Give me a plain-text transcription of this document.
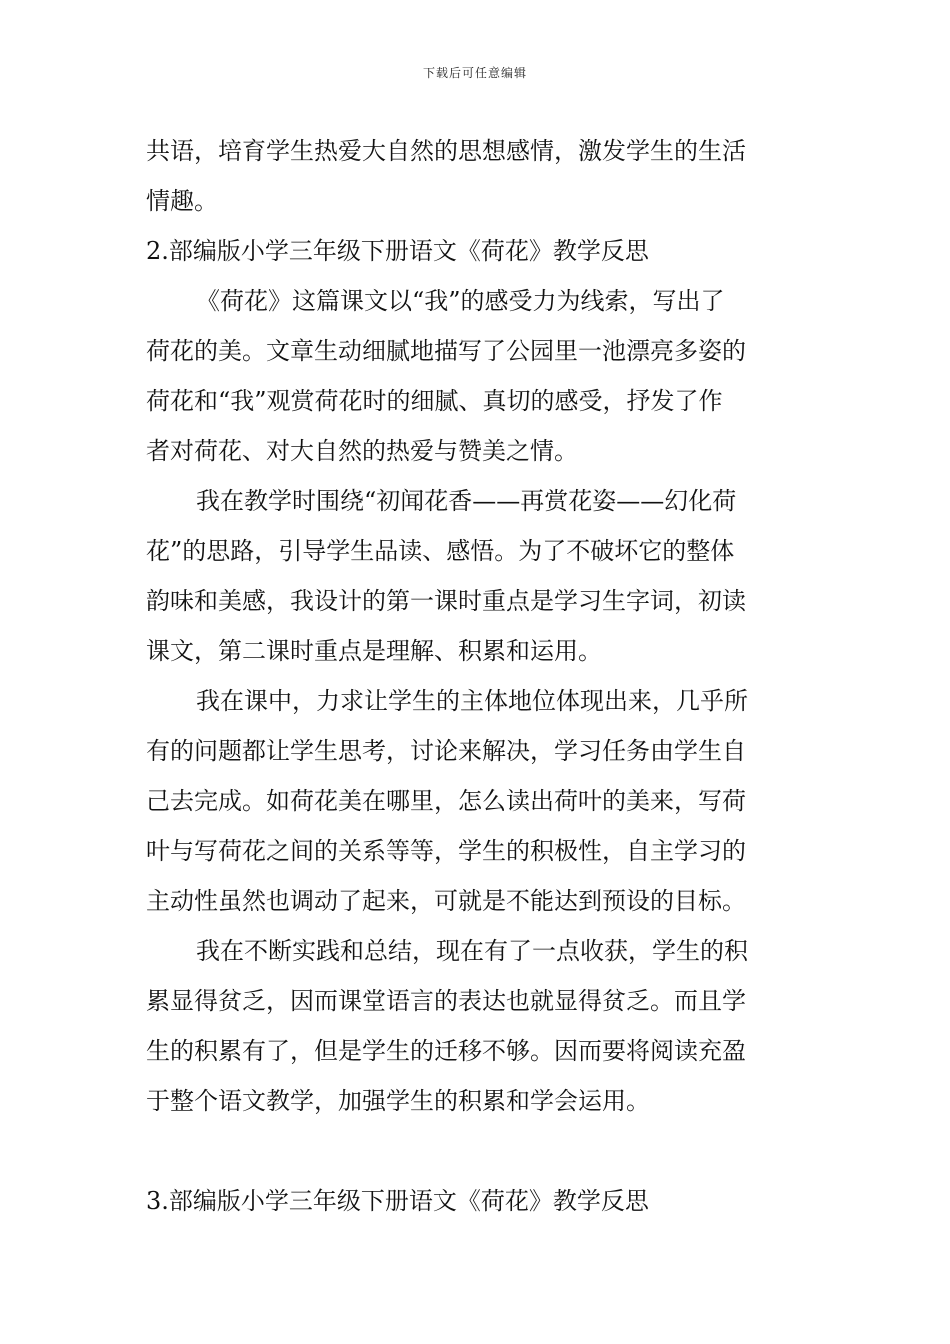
下载后可任意编辑
共语，培育学生热爱大自然的思想感情，激发学生的生活
情趣。
2.部编版小学三年级下册语文《荷花》教学反思
《荷花》这篇课文以“我”的感受力为线索，写出了
荷花的美。文章生动细腻地描写了公园里一池漂亮多姿的
荷花和“我”观赏荷花时的细腻、真切的感受，抒发了作
者对荷花、对大自然的热爱与赞美之情。
我在教学时围绕“初闻花香——再赏花姿——幻化荷
花”的思路，引导学生品读、感悟。为了不破坏它的整体
韵味和美感，我设计的第一课时重点是学习生字词，初读
课文，第二课时重点是理解、积累和运用。
我在课中，力求让学生的主体地位体现出来，几乎所
有的问题都让学生思考，讨论来解决，学习任务由学生自
己去完成。如荷花美在哪里，怎么读出荷叶的美来，写荷
叶与写荷花之间的关系等等，学生的积极性，自主学习的
主动性虽然也调动了起来，可就是不能达到预设的目标。
我在不断实践和总结，现在有了一点收获，学生的积
累显得贫乏，因而课堂语言的表达也就显得贫乏。而且学
生的积累有了，但是学生的迁移不够。因而要将阅读充盈
于整个语文教学，加强学生的积累和学会运用。
3.部编版小学三年级下册语文《荷花》教学反思
